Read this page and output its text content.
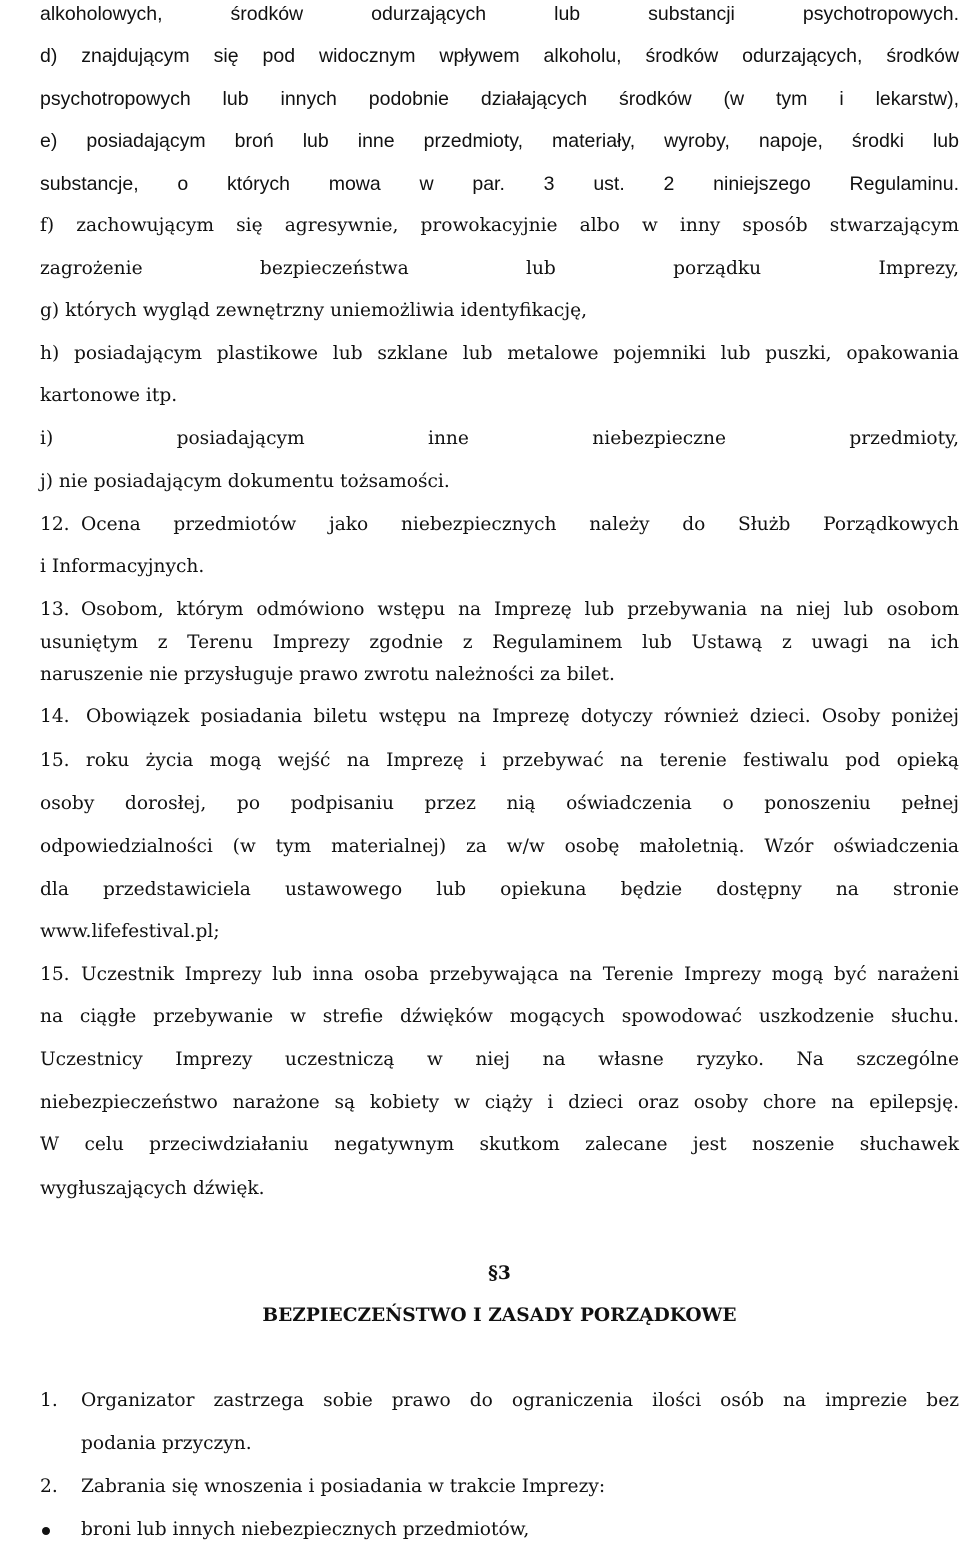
alkoholowych, środków odurzających lub substancji psychotropowych.
d) znajdującym się pod widocznym wpływem alkoholu, środków odurzających, środków
psychotropowych lub innych podobnie działających środków (w tym i lekarstw),
e) posiadającym broń lub inne przedmioty, materiały, wyroby, napoje, środki lub
substancje, o których mowa w par. 3 ust. 2 niniejszego Regulaminu.
f) zachowującym się agresywnie, prowokacyjnie albo w inny sposób stwarzającym
zagrożenie bezpieczeństwa lub porządku Imprezy,
g) których wygląd zewnętrzny uniemożliwia identyfikację,
h) posiadającym plastikowe lub szklane lub metalowe pojemniki lub puszki, opakowania
kartonowe itp.
i) posiadającym inne niebezpieczne przedmioty,
j) nie posiadającym dokumentu tożsamości.
12. Ocena przedmiotów jako niebezpiecznych należy do Służb Porządkowych
i Informacyjnych.
13. Osobom, którym odmówiono wstępu na Imprezę lub przebywania na niej lub osobom
usuniętym z Terenu Imprezy zgodnie z Regulaminem lub Ustawą z uwagi na ich
naruszenie nie przysługuje prawo zwrotu należności za bilet.
14. Obowiązek posiadania biletu wstępu na Imprezę dotyczy również dzieci. Osoby poniżej
15. roku życia mogą wejść na Imprezę i przebywać na terenie festiwalu pod opieką
osoby dorosłej, po podpisaniu przez nią oświadczenia o ponoszeniu pełnej
odpowiedzialności (w tym materialnej) za w/w osobę małoletnią. Wzór oświadczenia
dla przedstawiciela ustawowego lub opiekuna będzie dostępny na stronie
www.lifefestival.pl;
15. Uczestnik Imprezy lub inna osoba przebywająca na Terenie Imprezy mogą być narażeni
na ciągłe przebywanie w strefie dźwięków mogących spowodować uszkodzenie słuchu.
Uczestnicy Imprezy uczestniczą w niej na własne ryzyko. Na szczególne
niebezpieczeństwo narażone są kobiety w ciąży i dzieci oraz osoby chore na epilepsję.
W celu przeciwdziałaniu negatywnym skutkom zalecane jest noszenie słuchawek
wygłuszających dźwięk.
§3
BEZPIECZEŃSTWO I ZASADY PORZĄDKOWE
1. Organizator zastrzega sobie prawo do ograniczenia ilości osób na imprezie bez
podania przyczyn.
2. Zabrania się wnoszenia i posiadania w trakcie Imprezy:
broni lub innych niebezpiecznych przedmiotów,
